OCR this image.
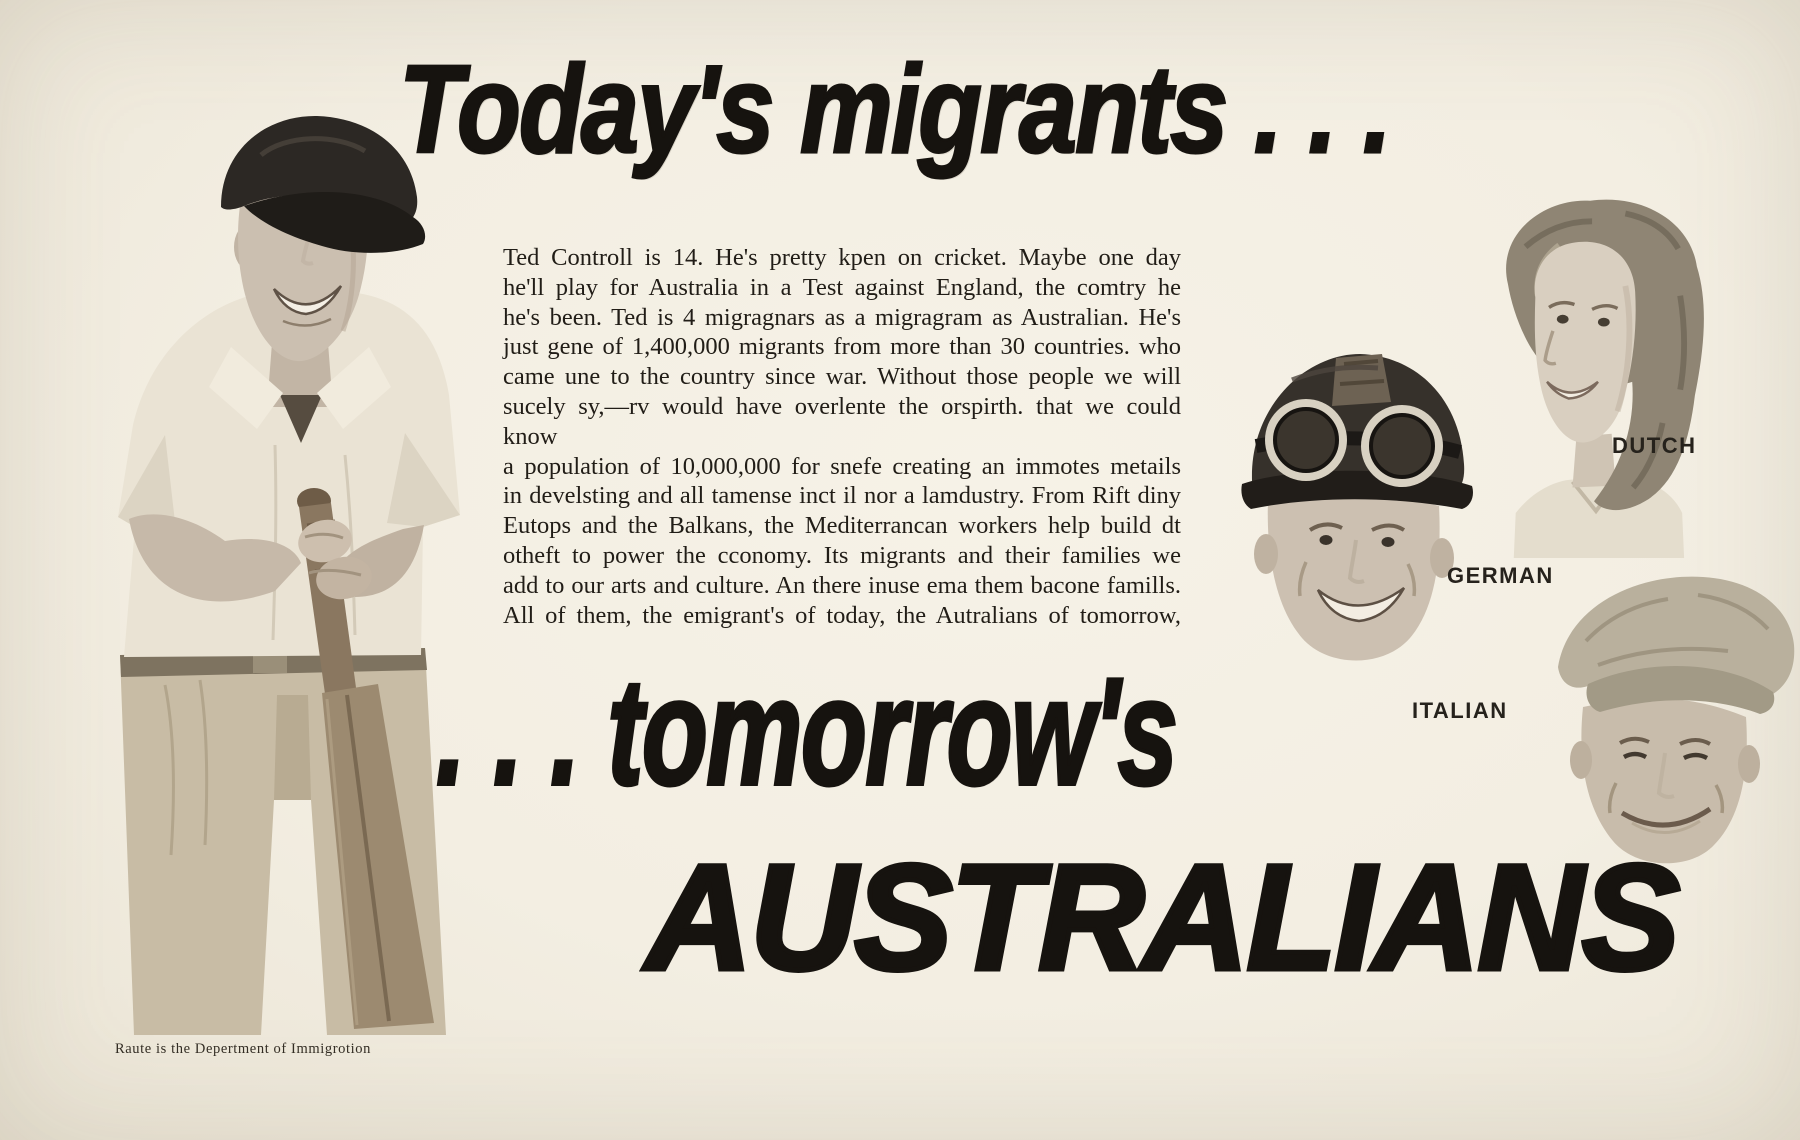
Today's migrants . . .
Ted Controll is 14. He's pretty kpen on cricket. Maybe one day
he'll play for Australia in a Test against England, the comtry he
he's been. Ted is 4 migragnars as a migragram as Australian. He's
just gene of 1,400,000 migrants from more than 30 countries. who
came une to the country since war. Without those people we will
sucely sy,—rv would have overlente the orspirth. that we could know
a population of 10,000,000 for snefe creating an immotes metails
in develsting and all tamense inct il nor a lamdustry. From Rift diny
Eutops and the Balkans, the Mediterrancan workers help build dt
otheft to power the cconomy. Its migrants and their families we
add to our arts and culture. An there inuse ema them bacone famills.
All of them, the emigrant's of today, the Autralians of tomorrow,
DUTCH
GERMAN
ITALIAN
. . . tomorrow's
AUSTRALIANS
Raute is the Depertment of Immigrotion
